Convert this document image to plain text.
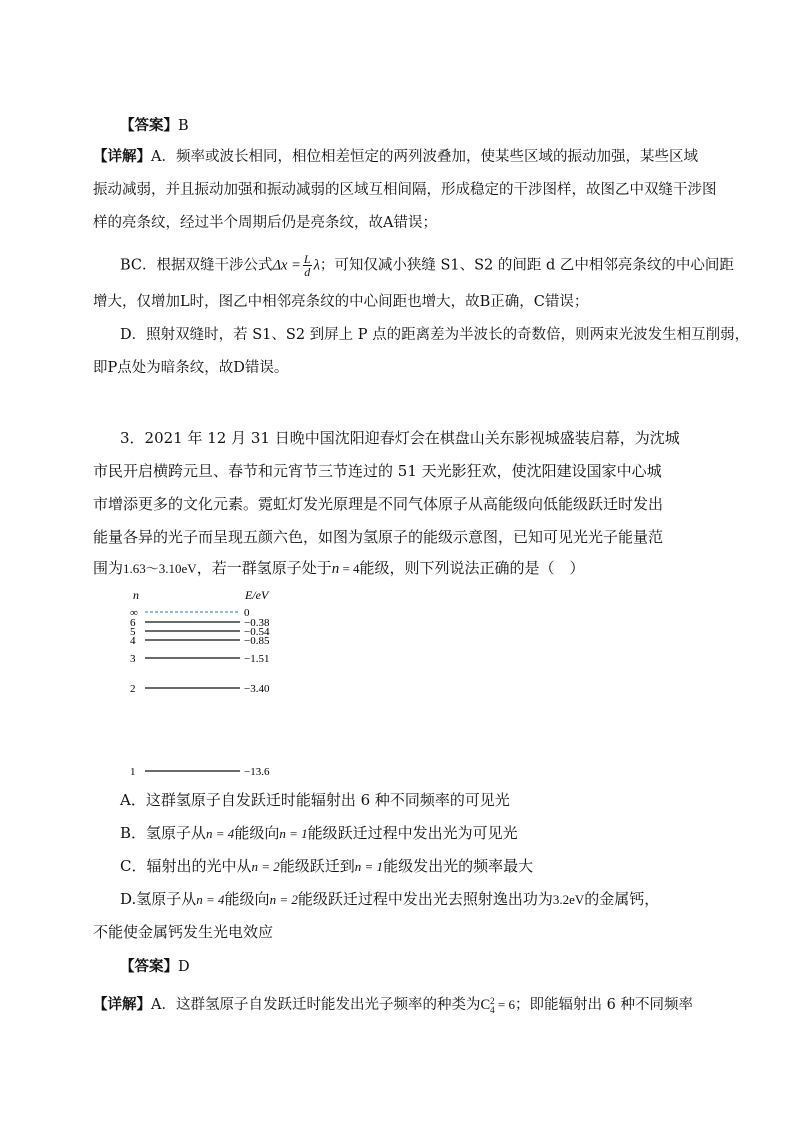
【答案】B
【详解】A．频率或波长相同，相位相差恒定的两列波叠加，使某些区域的振动加强，某些区域
振动减弱，并且振动加强和振动减弱的区域互相间隔，形成稳定的干涉图样，故图乙中双缝干涉图
样的亮条纹，经过半个周期后仍是亮条纹，故A错误；
BC．根据双缝干涉公式$\Delta x = \frac{L}{d}$ λ；可知仅减小狭缝 S1、S2 的间距 d 乙中相邻亮条纹的中心间距
增大，仅增加L时，图乙中相邻亮条纹的中心间距也增大，故B正确，C错误；
D．照射双缝时，若 S1、S2 到屏上 P 点的距离差为半波长的奇数倍，则两束光波发生相互削弱，
即P点处为暗条纹，故D错误。
3．2021 年 12 月 31 日晚中国沈阳迎春灯会在棋盘山关东影视城盛装启幕，为沈城
市民开启横跨元旦、春节和元宵节三节连过的 51 天光影狂欢，使沈阳建设国家中心城
市增添更多的文化元素。霓虹灯发光原理是不同气体原子从高能级向低能级跃迁时发出
能量各异的光子而呈现五颜六色，如图为氢原子的能级示意图，已知可见光光子能量范
围为1.63～3.10eV，若一群氢原子处于n = 4能级，则下列说法正确的是（　）
n	E/eV
∞	0
6	−0.38
5	−0.54
4	−0.85
3	−1.51
2	−3.40
1	−13.6
A．这群氢原子自发跃迁时能辐射出 6 种不同频率的可见光
B．氢原子从n = 4能级向n = 1能级跃迁过程中发出光为可见光
C．辐射出的光中从n = 2能级跃迁到n = 1能级发出光的频率最大
D.氢原子从n = 4能级向n = 2能级跃迁过程中发出光去照射逸出功为3.2eV的金属钙，
不能使金属钙发生光电效应
【答案】D
【详解】A．这群氢原子自发跃迁时能发出光子频率的种类为C 2
4 = 6；即能辐射出 6 种不同频率
